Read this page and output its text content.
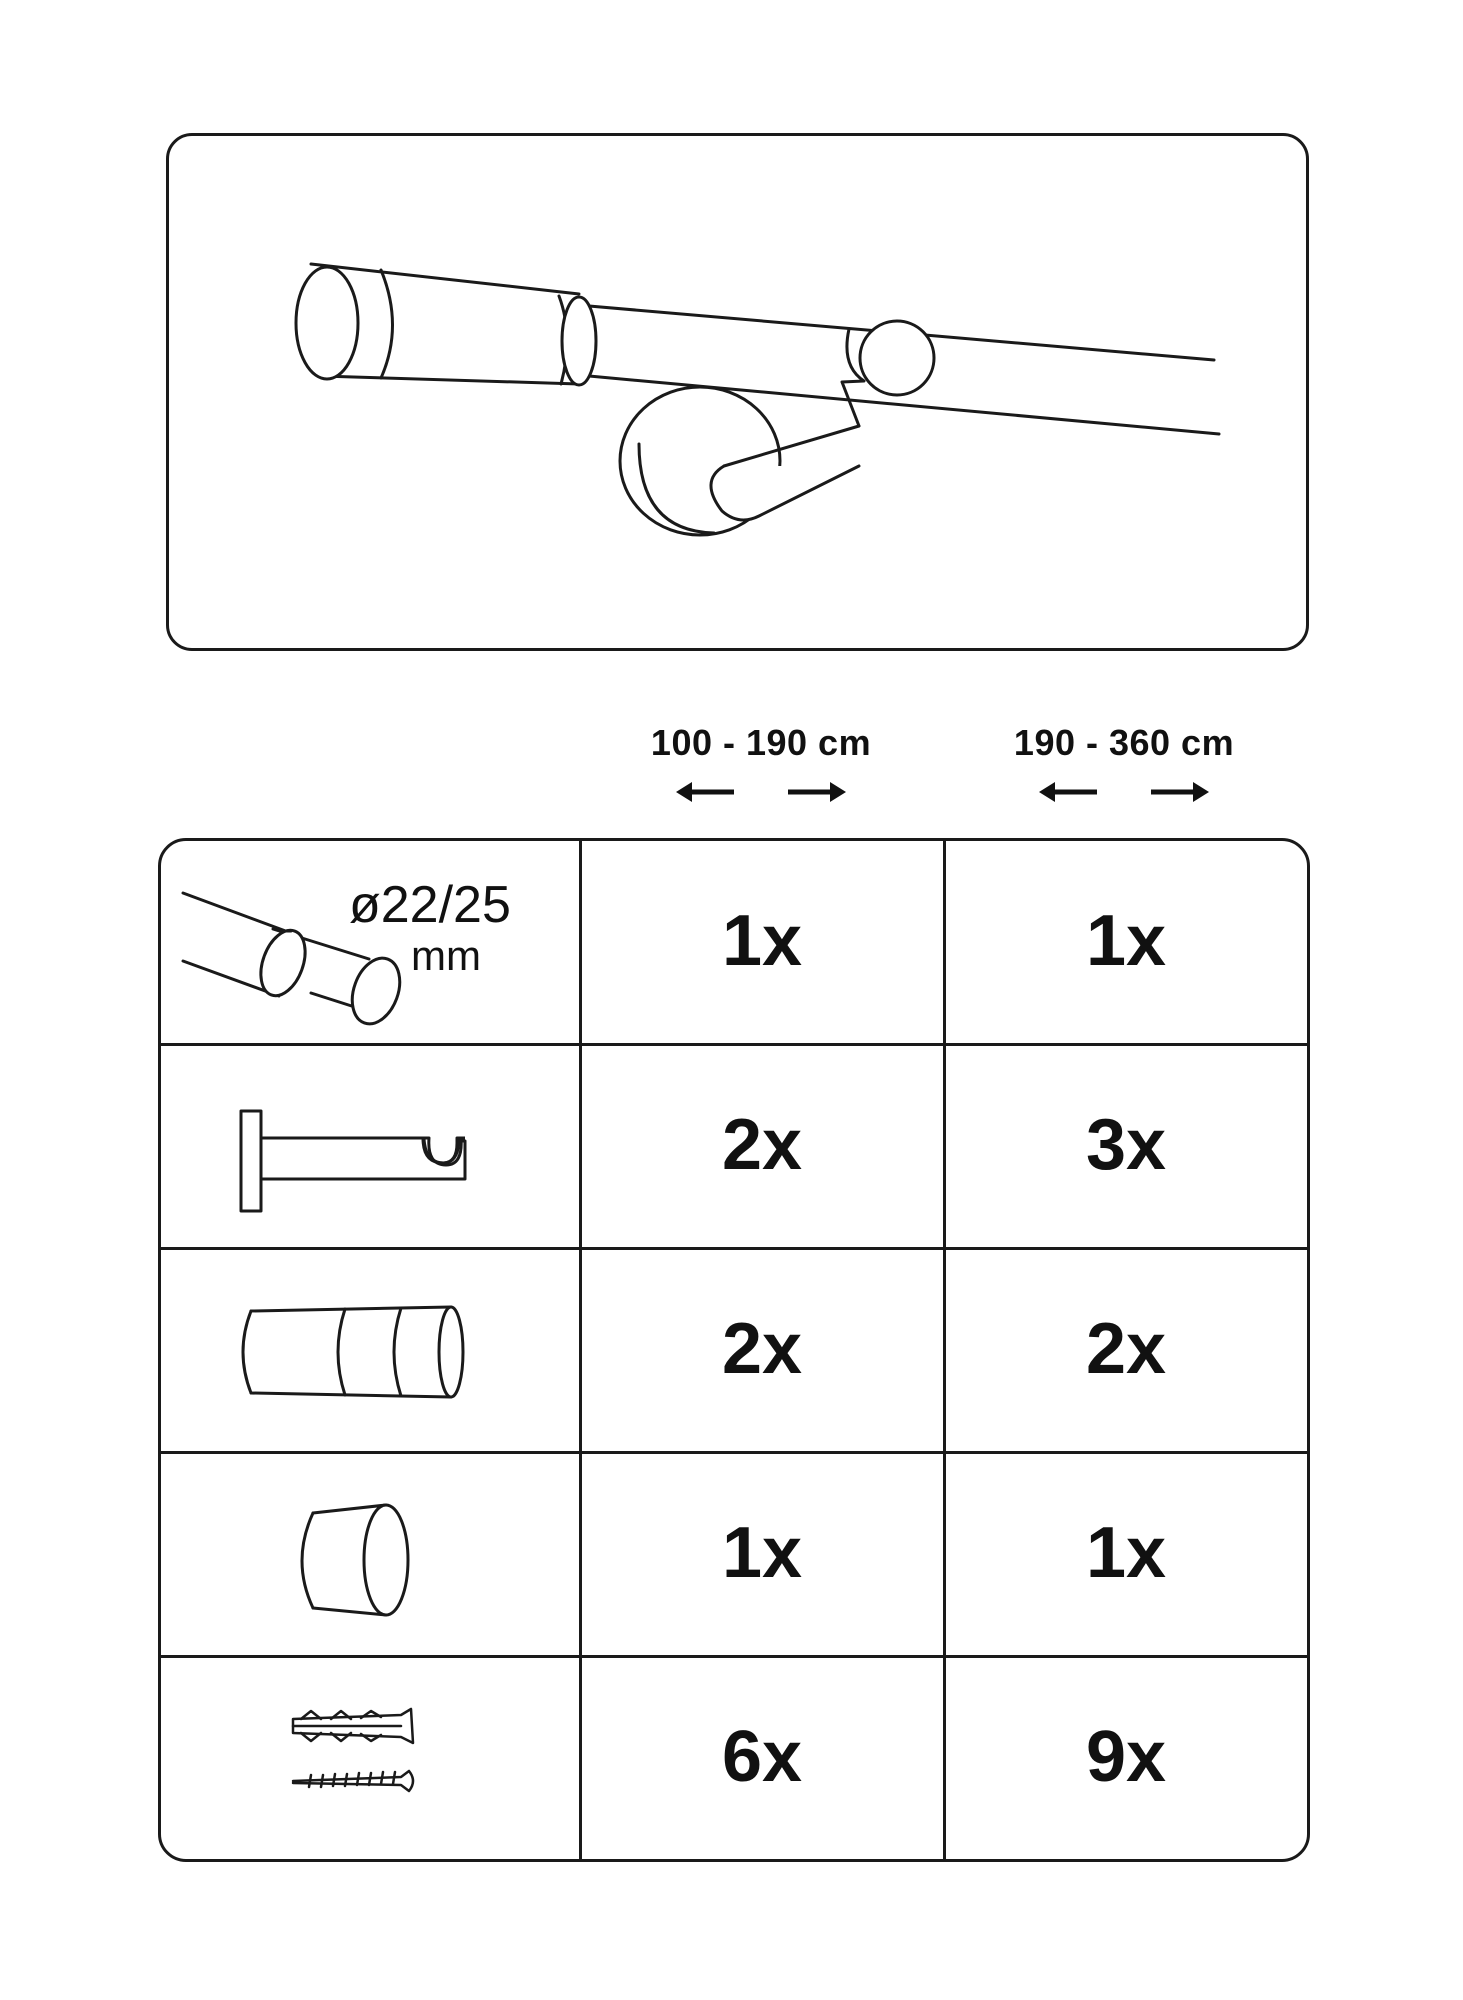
100 - 190 cm	190 - 360 cm
ø22/25
mm	1x	1x
2x	3x
2x	2x
1x	1x
6x	9x
